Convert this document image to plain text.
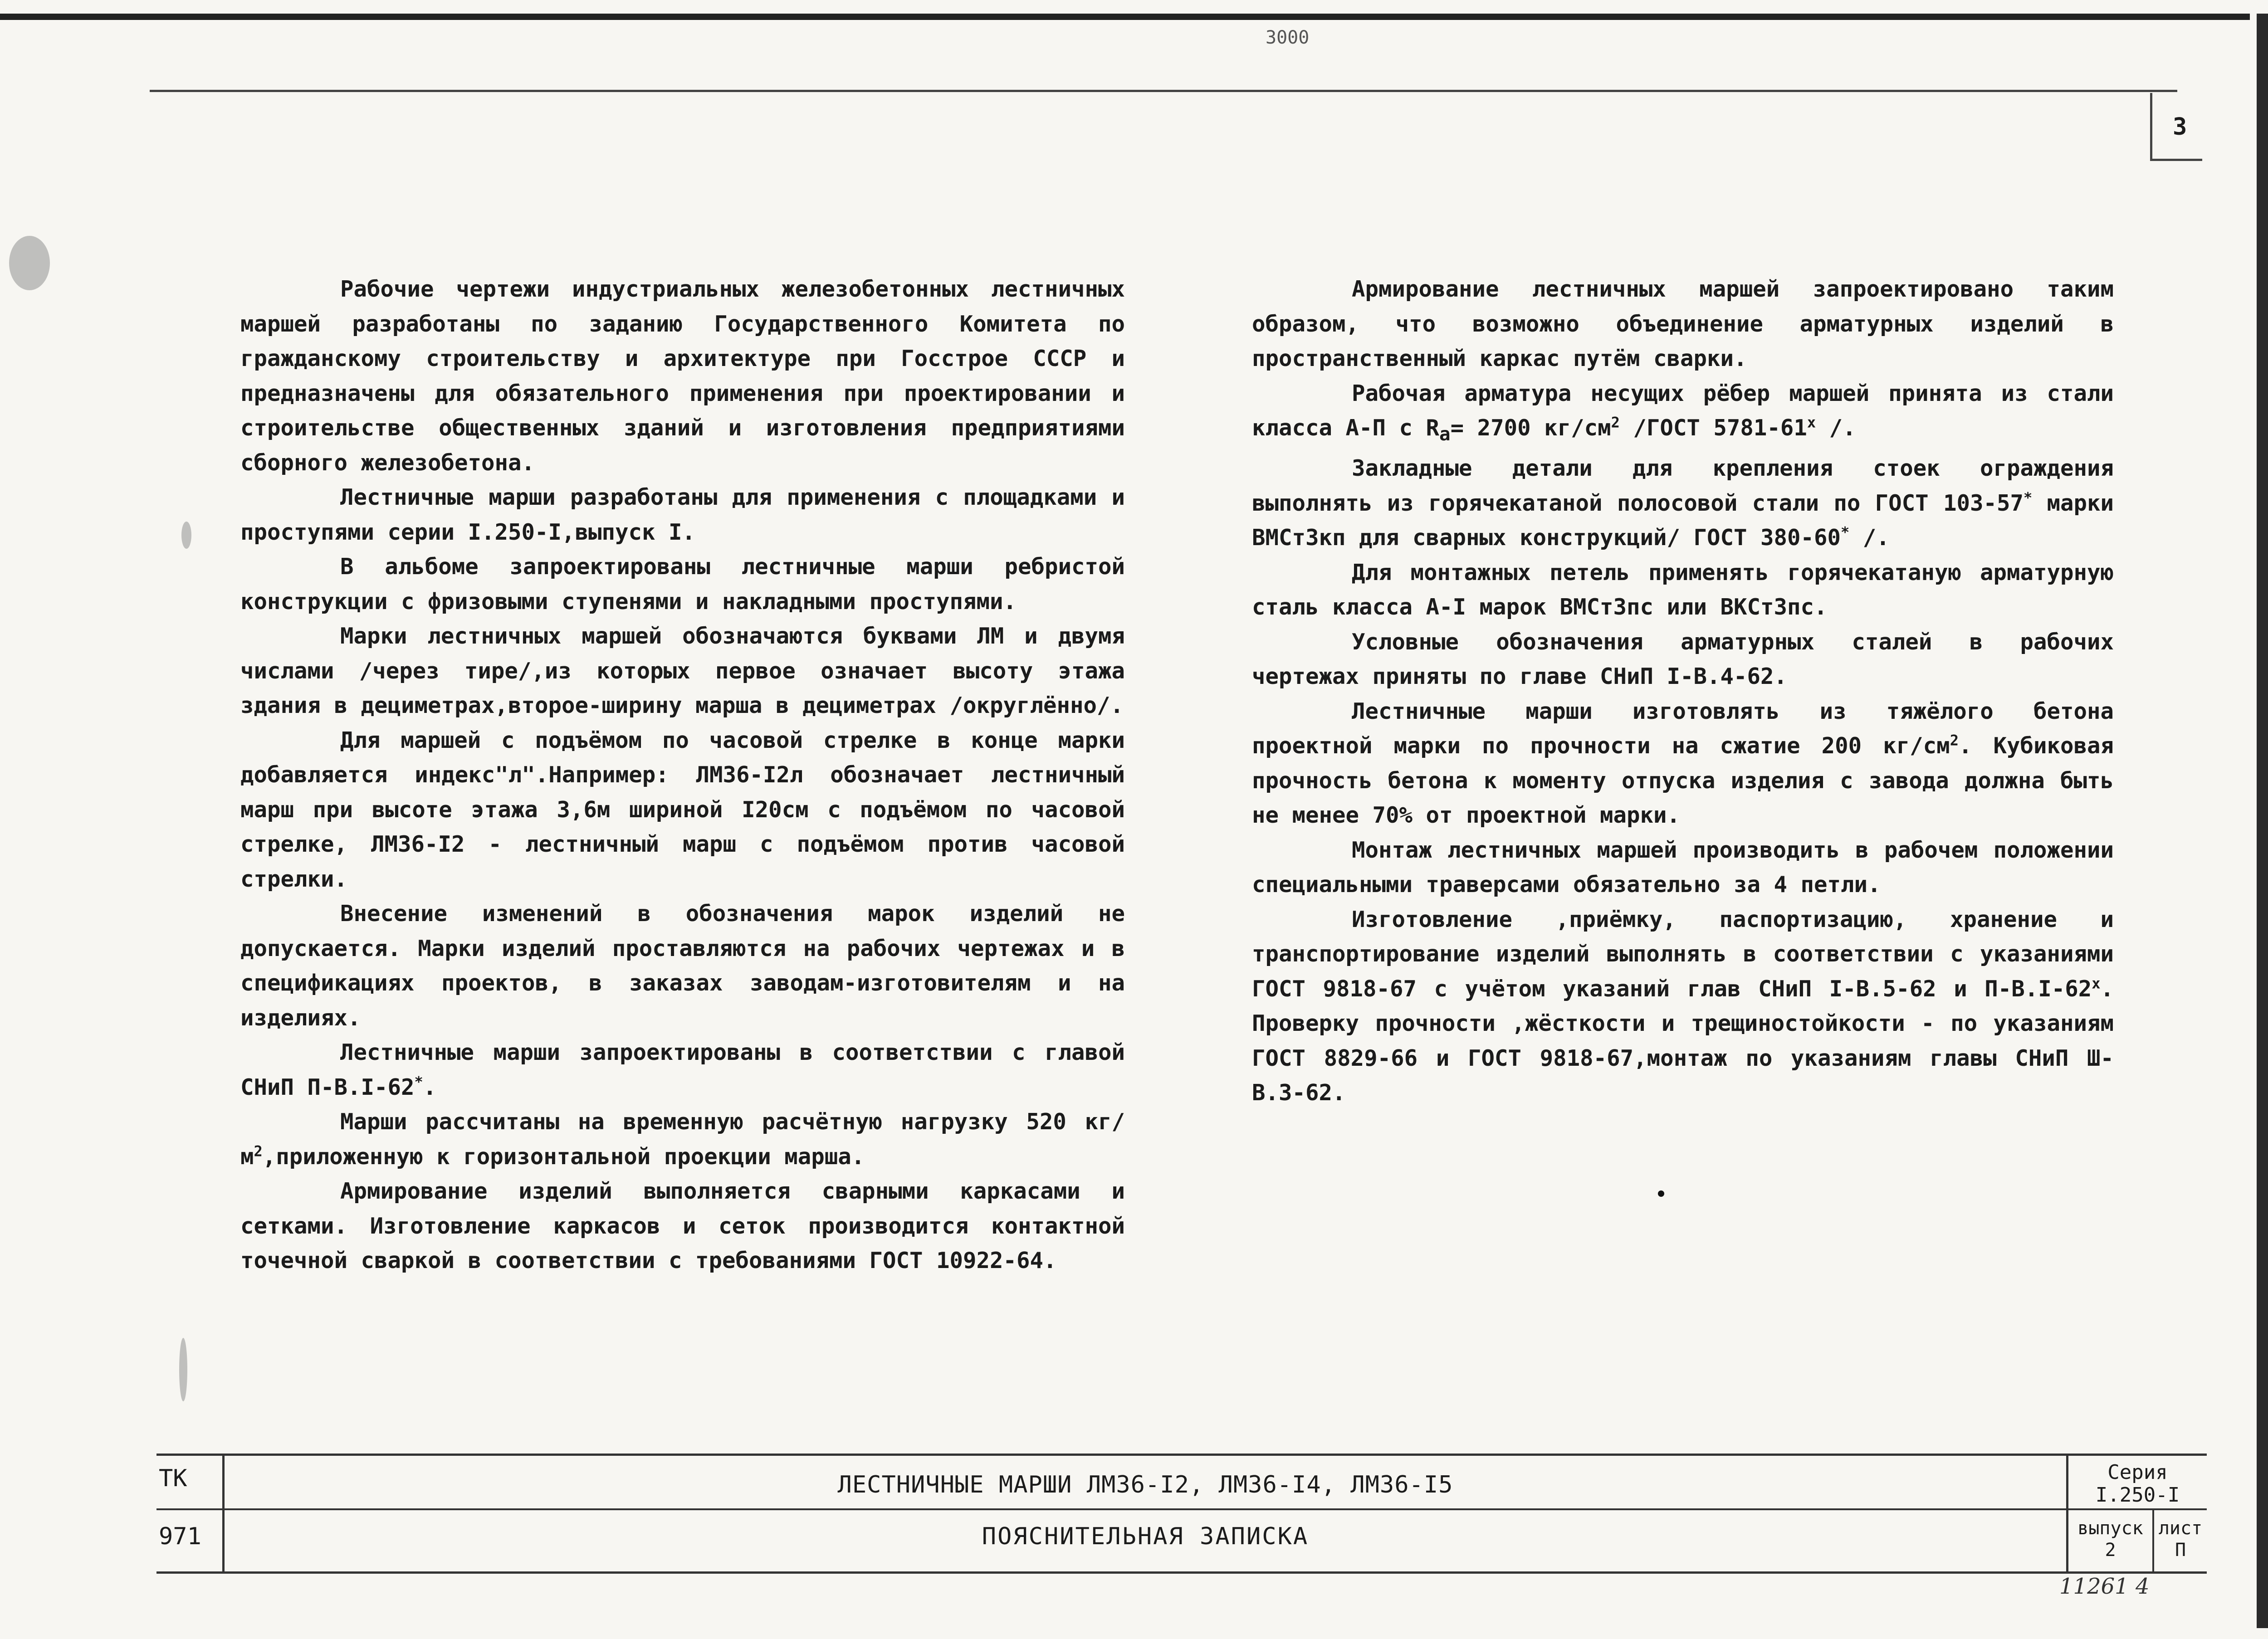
3000
3

Рабочие чертежи индустриальных железобетонных лестничных маршей разработаны по заданию Государственного Комитета по гражданскому строительству и архитектуре при Госстрое СССР и предназначены для обязательного применения при проектировании и строительстве общественных зданий и изготовления предприятиями сборного железобетона.

Лестничные марши разработаны для применения с площадками и проступями серии I.250-I,выпуск I.

В альбоме запроектированы лестничные марши ребристой конструкции с фризовыми ступенями и накладными проступями.

Марки лестничных маршей обозначаются буквами ЛМ и двумя числами /через тире/,из которых первое означает высоту этажа здания в дециметрах,второе-ширину марша в дециметрах /округлённо/.

Для маршей с подъёмом по часовой стрелке в конце марки добавляется индекс"л".Например: ЛМ36-I2л обозначает лестничный марш при высоте этажа 3,6м шириной I20см с подъёмом по часовой стрелке, ЛМ36-I2 - лестничный марш с подъёмом против часовой стрелки.

Внесение изменений в обозначения марок изделий не допускается. Марки изделий проставляются на рабочих чертежах и в спецификациях проектов, в заказах заводам-изготовителям и на изделиях.

Лестничные марши запроектированы в соответствии с главой СНиП П-В.I-62*.

Марши рассчитаны на временную расчётную нагрузку 520 $кг/м^2,приложенную$ к горизонтальной проекции марша.

Армирование изделий выполняется сварными каркасами и сетками. Изготовление каркасов и сеток производится контактной точечной сваркой в соответствии с требованиями ГОСТ 10922-64.

Армирование лестничных маршей запроектировано таким образом, что возможно объединение арматурных изделий в пространственный каркас путём сварки.

Рабочая арматура несущих рёбер маршей принята из стали класса А-П с $R_а= 2700$ $кг/см^2$ /ГОСТ $5781-61^х$ /.

Закладные детали для крепления стоек ограждения выполнять из горячекатаной полосовой стали по ГОСТ 103-57* марки ВМСт3кп для сварных конструкций/ ГОСТ 380-60* /.

Для монтажных петель применять горячекатаную арматурную сталь класса А-I марок ВМСт3пс или ВКСт3пс.

Условные обозначения арматурных сталей в рабочих чертежах приняты по главе СНиП I-В.4-62.

Лестничные марши изготовлять из тяжёлого бетона проектной марки по прочности на сжатие 200 $кг/см^2$. Кубиковая прочность бетона к моменту отпуска изделия с завода должна быть не менее 70% от проектной марки.

Монтаж лестничных маршей производить в рабочем положении специальными траверсами обязательно за 4 петли.

Изготовление ,приёмку, паспортизацию, хранение и транспортирование изделий выполнять в соответствии с указаниями ГОСТ 9818-67 с учётом указаний глав СНиП I-В.5-62 и $П-В.I-62^х$. Проверку прочности ,жёсткости и трещиностойкости - по указаниям ГОСТ 8829-66 и ГОСТ 9818-67,монтаж по указаниям главы СНиП Ш-В.3-62.

ТК
971
ЛЕСТНИЧНЫЕ МАРШИ ЛМ36-I2, ЛМ36-I4, ЛМ36-I5
ПОЯСНИТЕЛЬНАЯ ЗАПИСКА
Серия
I.250-I
выпуск
2
лист
П
11261 4
